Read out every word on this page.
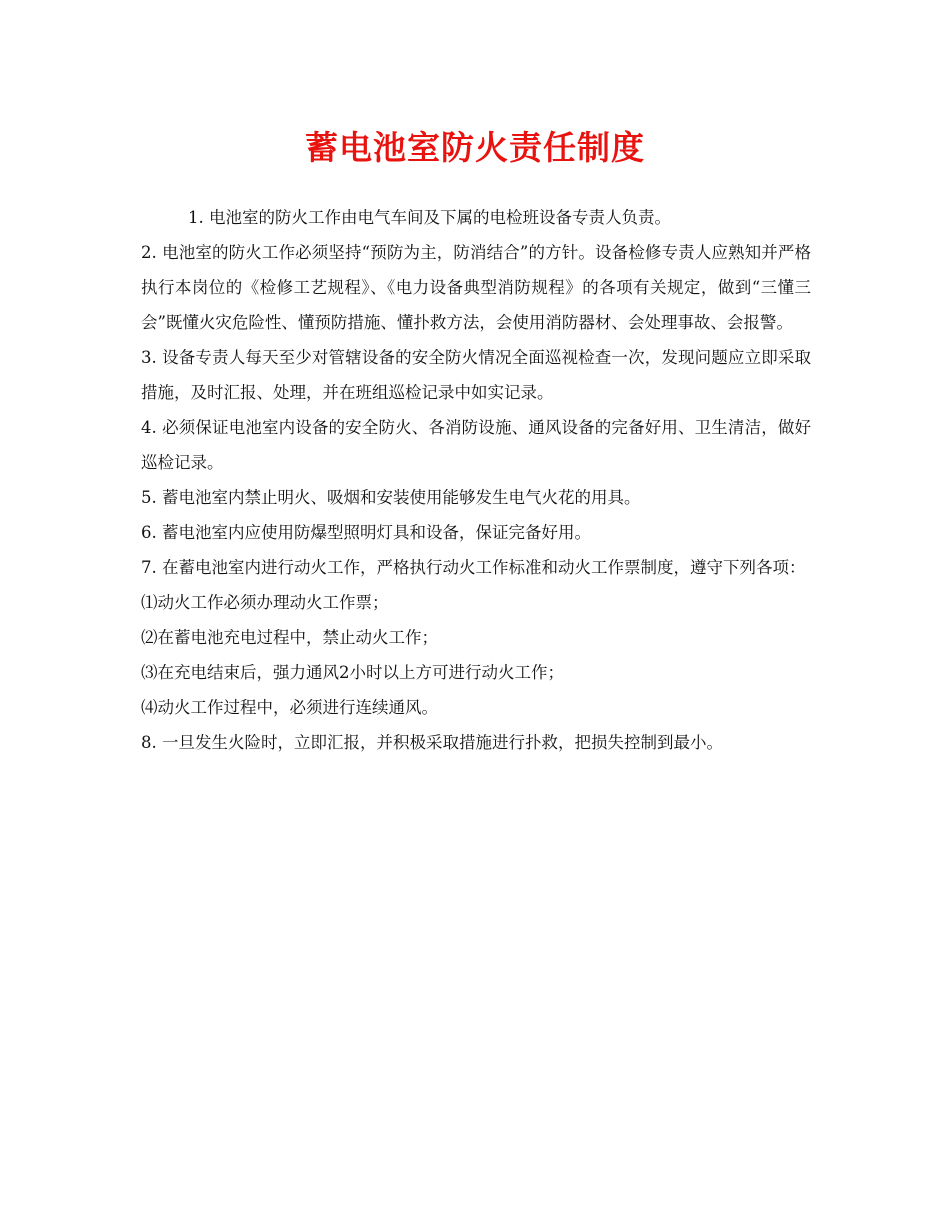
蓄电池室防火责任制度

1. 电池室的防火工作由电气车间及下属的电检班设备专责人负责。

2. 电池室的防火工作必须坚持“预防为主，防消结合”的方针。设备检修专责人应熟知并严格执行本岗位的《检修工艺规程》、《电力设备典型消防规程》的各项有关规定，做到“三懂三会”既懂火灾危险性、懂预防措施、懂扑救方法，会使用消防器材、会处理事故、会报警。

3. 设备专责人每天至少对管辖设备的安全防火情况全面巡视检查一次，发现问题应立即采取措施，及时汇报、处理，并在班组巡检记录中如实记录。

4. 必须保证电池室内设备的安全防火、各消防设施、通风设备的完备好用、卫生清洁，做好巡检记录。

5. 蓄电池室内禁止明火、吸烟和安装使用能够发生电气火花的用具。

6. 蓄电池室内应使用防爆型照明灯具和设备，保证完备好用。

7. 在蓄电池室内进行动火工作，严格执行动火工作标准和动火工作票制度，遵守下列各项：

⑴动火工作必须办理动火工作票；

⑵在蓄电池充电过程中，禁止动火工作；

⑶在充电结束后，强力通风2小时以上方可进行动火工作；

⑷动火工作过程中，必须进行连续通风。

8. 一旦发生火险时，立即汇报，并积极采取措施进行扑救，把损失控制到最小。
